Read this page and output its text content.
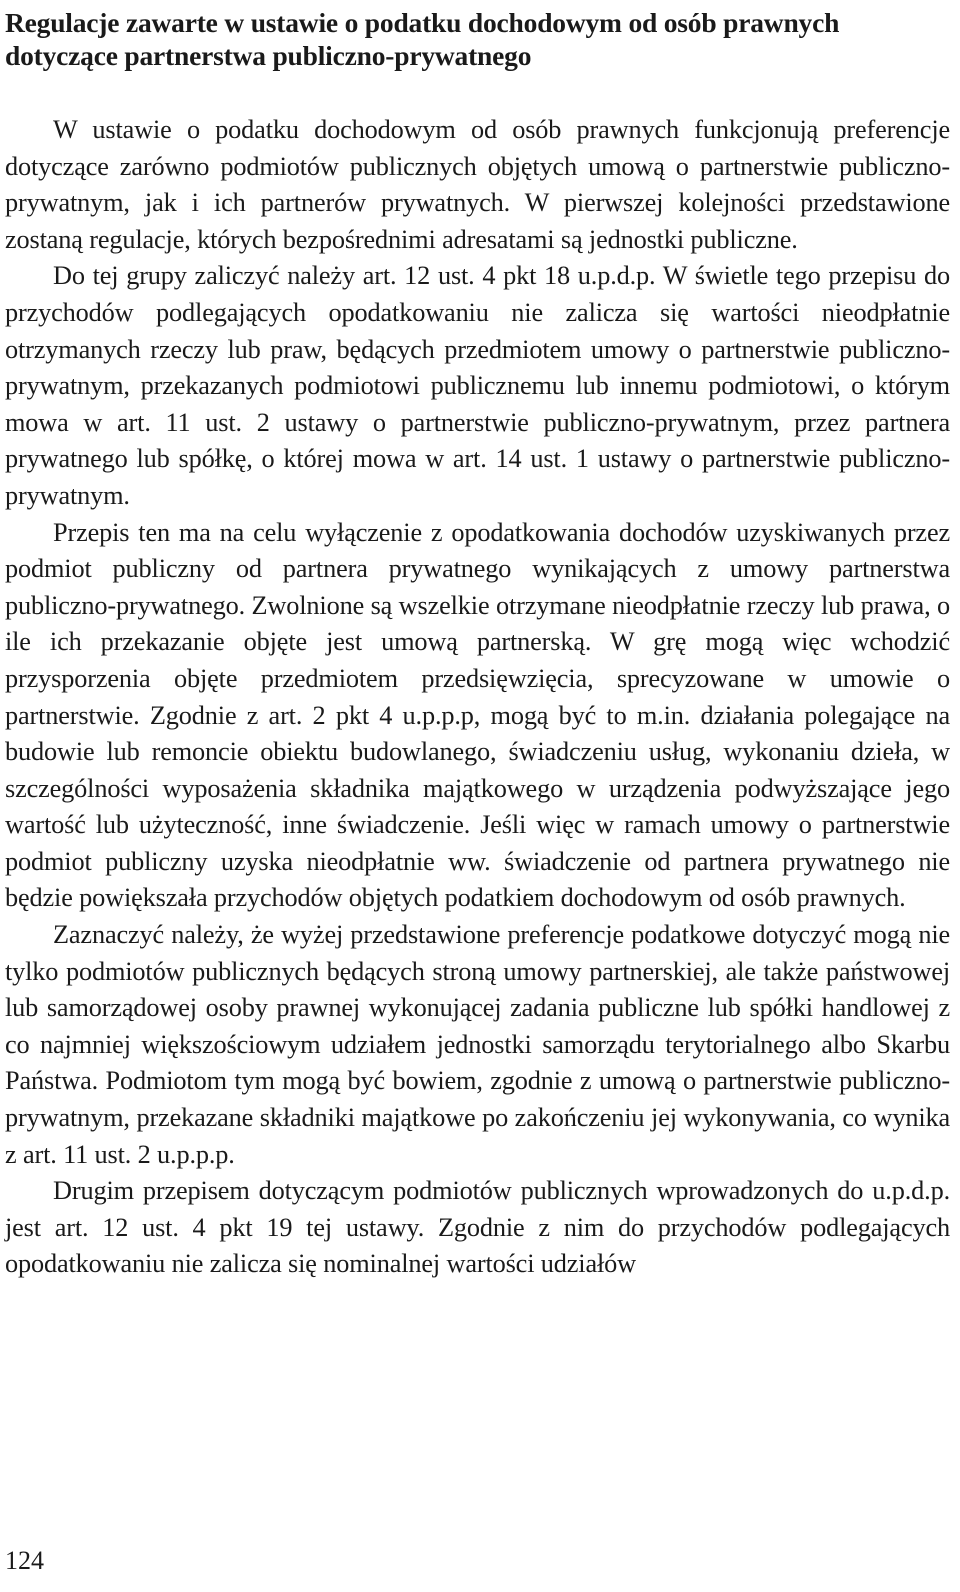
Regulacje zawarte w ustawie o podatku dochodowym od osób prawnych dotyczące partnerstwa publiczno-prywatnego

W ustawie o podatku dochodowym od osób prawnych funkcjonują preferencje dotyczące zarówno podmiotów publicznych objętych umową o partnerstwie publiczno-prywatnym, jak i ich partnerów prywatnych. W pierwszej kolejności przedstawione zostaną regulacje, których bezpośrednimi adresatami są jednostki publiczne.

Do tej grupy zaliczyć należy art. 12 ust. 4 pkt 18 u.p.d.p. W świetle tego przepisu do przychodów podlegających opodatkowaniu nie zalicza się wartości nieodpłatnie otrzymanych rzeczy lub praw, będących przedmiotem umowy o partnerstwie publiczno-prywatnym, przekazanych podmiotowi publicznemu lub innemu podmiotowi, o którym mowa w art. 11 ust. 2 ustawy o partnerstwie publiczno-prywatnym, przez partnera prywatnego lub spółkę, o której mowa w art. 14 ust. 1 ustawy o partnerstwie publiczno-prywatnym.

Przepis ten ma na celu wyłączenie z opodatkowania dochodów uzyskiwanych przez podmiot publiczny od partnera prywatnego wynikających z umowy partnerstwa publiczno-prywatnego. Zwolnione są wszelkie otrzymane nieodpłatnie rzeczy lub prawa, o ile ich przekazanie objęte jest umową partnerską. W grę mogą więc wchodzić przysporzenia objęte przedmiotem przedsięwzięcia, sprecyzowane w umowie o partnerstwie. Zgodnie z art. 2 pkt 4 u.p.p.p, mogą być to m.in. działania polegające na budowie lub remoncie obiektu budowlanego, świadczeniu usług, wykonaniu dzieła, w szczególności wyposażenia składnika majątkowego w urządzenia podwyższające jego wartość lub użyteczność, inne świadczenie. Jeśli więc w ramach umowy o partnerstwie podmiot publiczny uzyska nieodpłatnie ww. świadczenie od partnera prywatnego nie będzie powiększała przychodów objętych podatkiem dochodowym od osób prawnych.

Zaznaczyć należy, że wyżej przedstawione preferencje podatkowe dotyczyć mogą nie tylko podmiotów publicznych będących stroną umowy partnerskiej, ale także państwowej lub samorządowej osoby prawnej wykonującej zadania publiczne lub spółki handlowej z co najmniej większościowym udziałem jednostki samorządu terytorialnego albo Skarbu Państwa. Podmiotom tym mogą być bowiem, zgodnie z umową o partnerstwie publiczno-prywatnym, przekazane składniki majątkowe po zakończeniu jej wykonywania, co wynika z art. 11 ust. 2 u.p.p.p.

Drugim przepisem dotyczącym podmiotów publicznych wprowadzonych do u.p.d.p. jest art. 12 ust. 4 pkt 19 tej ustawy. Zgodnie z nim do przychodów podlegających opodatkowaniu nie zalicza się nominalnej wartości udziałów

124
